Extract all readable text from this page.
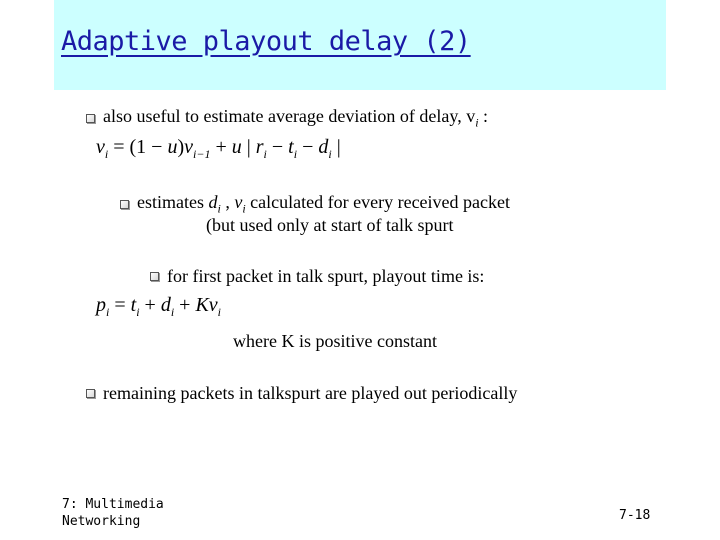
Adaptive playout delay (2)
also useful to estimate average deviation of delay, $v_i$ :
$v_i = (1 - u)v_{i-1} + u$ | $r_i - t_i - d_i$ |
estimates $d_i$ , $v_i$ calculated for every received packet
(but used only at start of talk spurt
for first packet in talk spurt, playout time is:
$p_i = t_i + d_i + Kv_i$
where K is positive constant
remaining packets in talkspurt are played out periodically
7: Multimedia
Networking	7-18
